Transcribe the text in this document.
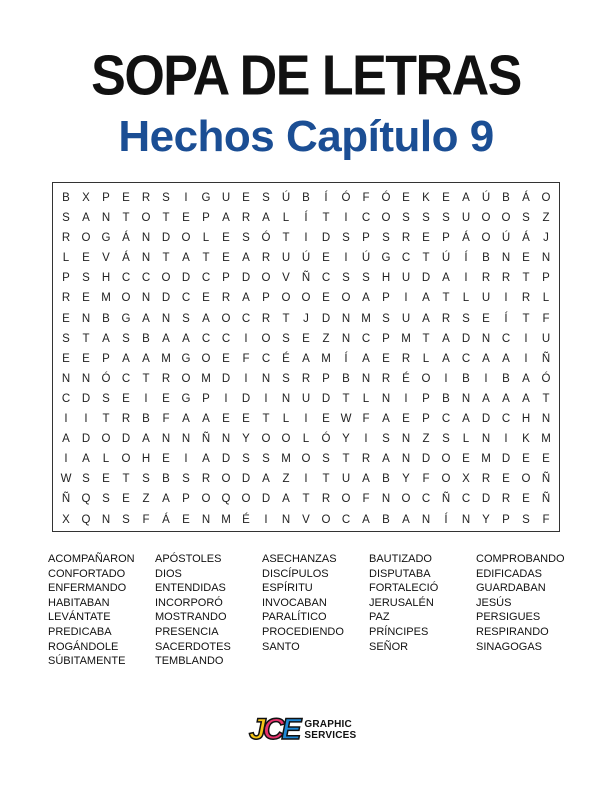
SOPA DE LETRAS
Hechos Capítulo 9
B	X	P	E	R	S	I	G U	E	S	Ú	B	Í	Ó	F	Ó	E	K	E	A	Ú	B	Á	O
S	A	N	T	O	T	E	P	A	R	A	L	Í	T	I	C O	S	S	S	U O O	S	Z
R O G	Á	N	D O	L	E	S	Ó	T	I	D	S	P	S	R	E	P	Á	O Ú	Á	J
L	E	V	Á	N	T	A	T	E	A	R	U	Ú	E	I	Ú G C	T	Ú	Í	B	N	E	N
P	S	H	C	C O D	C	P	D O	V	Ñ	C	S	S	H	U	D	A	I	R	R	T	P
R	E M O N	D	C	E	R	A	P	O O	E	O	A	P	I	A	T	L	U	I	R	L
E	N	B	G	A	N	S	A	O C	R	T	J	D	N M S	U	A	R	S	E	Í	T	F
S	T	A	S	B	A	A	C	C	I	O	S	E	Z	N	C	P M	T	A	D	N	C	I	U
E	E	P	A	A M G O	E	F	C	É	A M	Í	A	E	R	L	A	C	A	A	I	Ñ
N	N Ó C	T	R O M D	I	N	S	R	P	B	N	R	É	O	I	B	I	B	A	Ó
C	D	S	E	I	E	G	P	I	D	I	N	U	D	T	L	N	I	P	B	N	A	A	A	T
I	I	T	R	B	F	A	A	E	E	T	L	I	E W F	A	E	P	C	A	D	C	H	N
A	D O D	A	N	N	Ñ	N	Y	O O	L	Ó	Y	I	S	N	Z	S	L	N	I	K M
I	A	L	O H	E	I	A	D	S	S M O	S	T	R	A	N	D O	E M D	E	E
W S	E	T	S	B	S	R O D	A	Z	I	T	U	A	B	Y	F	O	X	R	E	O Ñ
Ñ Q	S	E	Z	A	P	O Q O D	A	T	R O	F	N O C	Ñ	C	D	R	E	Ñ
X	Q N	S	F	Á	E	N M É	I	N	V	O C	A	B	A	N	Í	N	Y	P	S	F
ACOMPAÑARON
CONFORTADO
ENFERMANDO
HABITABAN
LEVÁNTATE
PREDICABA
ROGÁNDOLE
SÚBITAMENTE
APÓSTOLES
DIOS
ENTENDIDAS
INCORPORÓ
MOSTRANDO
PRESENCIA
SACERDOTES
TEMBLANDO
ASECHANZAS
DISCÍPULOS
ESPÍRITU
INVOCABAN
PARALÍTICO
PROCEDIENDO
SANTO
BAUTIZADO
DISPUTABA
FORTALECIÓ
JERUSALÉN
PAZ
PRÍNCIPES
SEÑOR
COMPROBANDO
EDIFICADAS
GUARDABAN
JESÚS
PERSIGUES
RESPIRANDO
SINAGOGAS
J
C
E GRAPHIC
SERVICES
